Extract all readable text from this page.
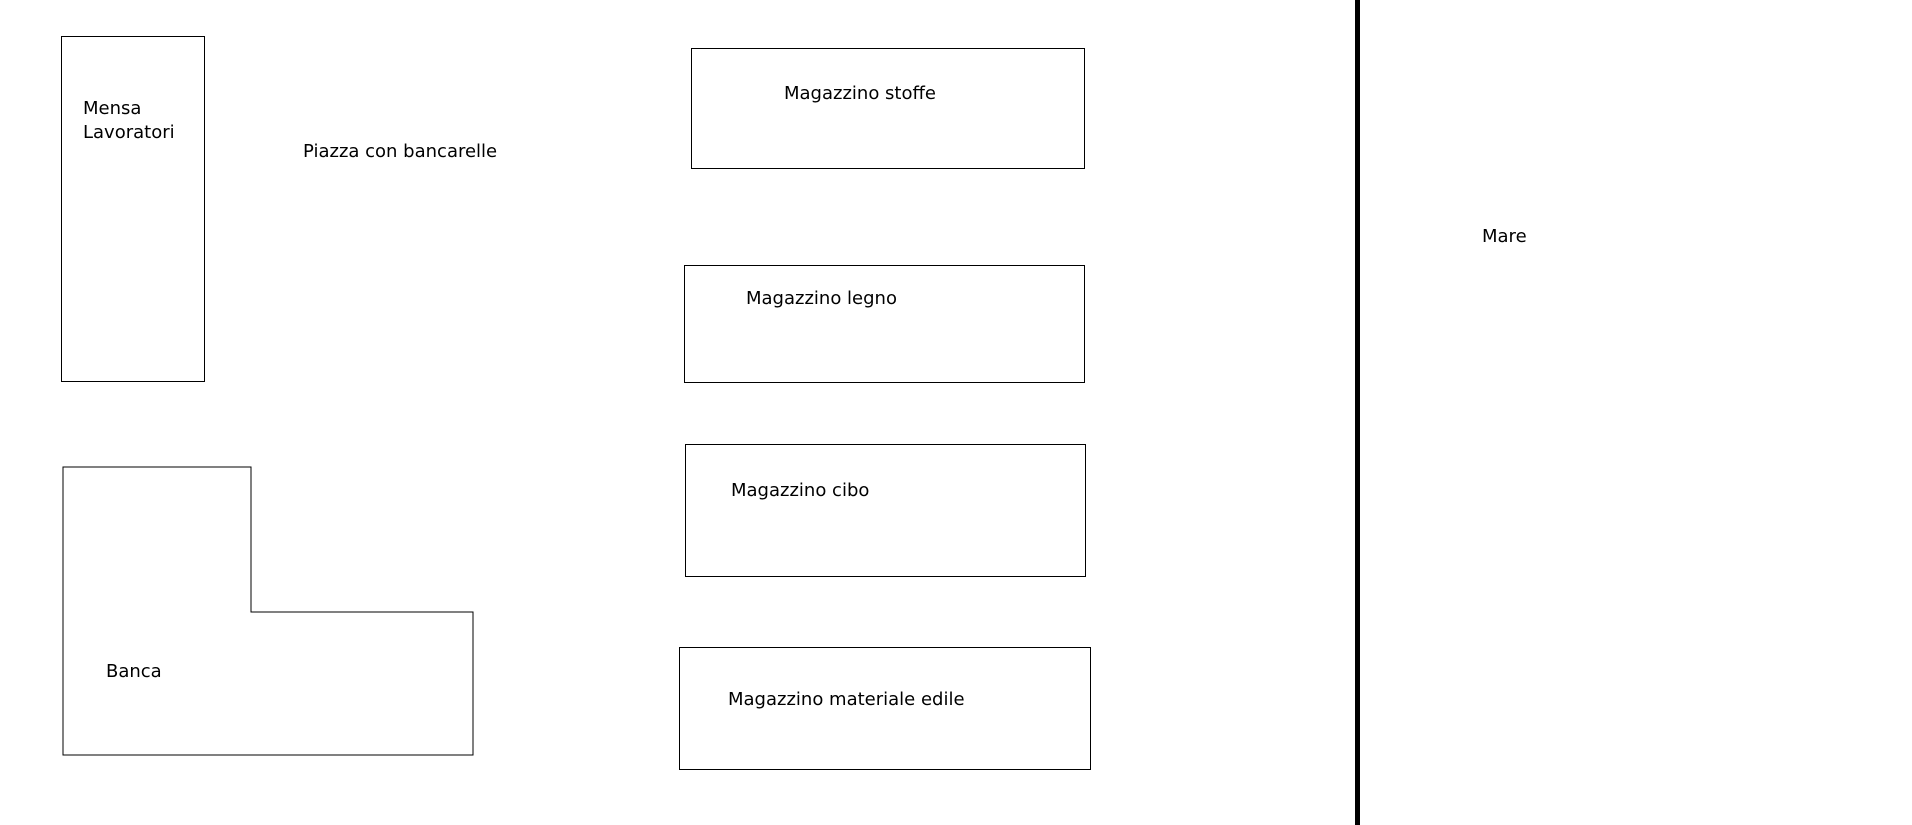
Mensa
Lavoratori
Piazza con bancarelle
Banca
Magazzino stoffe
Magazzino legno
Magazzino cibo
Magazzino materiale edile
Mare
